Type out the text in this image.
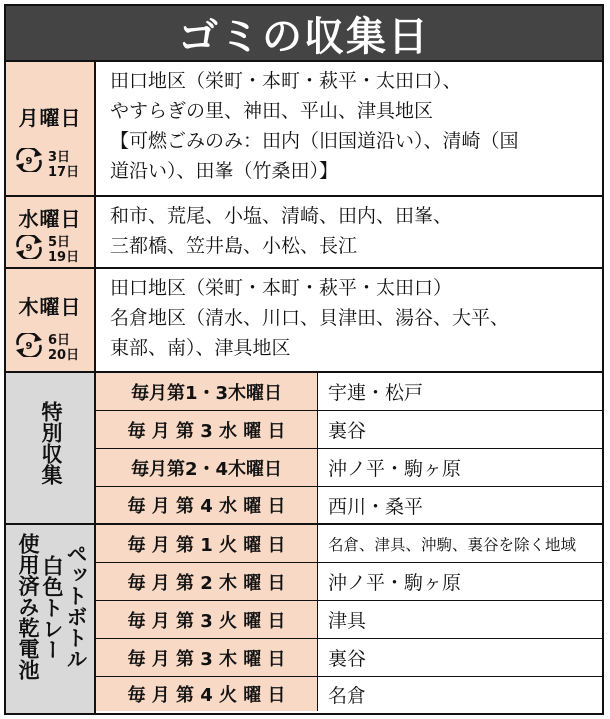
ゴミの収集日
月曜日
9 3日
17日
田口地区（栄町・本町・萩平・太田口）、
やすらぎの里、神田、平山、津具地区
【可燃ごみのみ：田内（旧国道沿い）、清崎（国
道沿い）、田峯（竹桑田）】
水曜日
9 5日
19日
和市、荒尾、小塩、清崎、田内、田峯、
三都橋、笠井島、小松、長江
木曜日
9 6日
20日
田口地区（栄町・本町・萩平・太田口）
名倉地区（清水、川口、貝津田、湯谷、大平、
東部、南）、津具地区
特別収集
毎月第1・3木曜日	宇連・松戸
毎 月 第 3 水 曜 日	裏谷
毎月第2・4木曜日	沖ノ平・駒ヶ原
毎 月 第 4 水 曜 日	西川・桑平
ペットボトル
白色トレー
使用済み乾電池	毎 月 第 1 火 曜 日	名倉、津具、沖駒、裏谷を除く地域
毎 月 第 2 木 曜 日	沖ノ平・駒ヶ原
毎 月 第 3 火 曜 日	津具
毎 月 第 3 木 曜 日	裏谷
毎 月 第 4 火 曜 日	名倉
